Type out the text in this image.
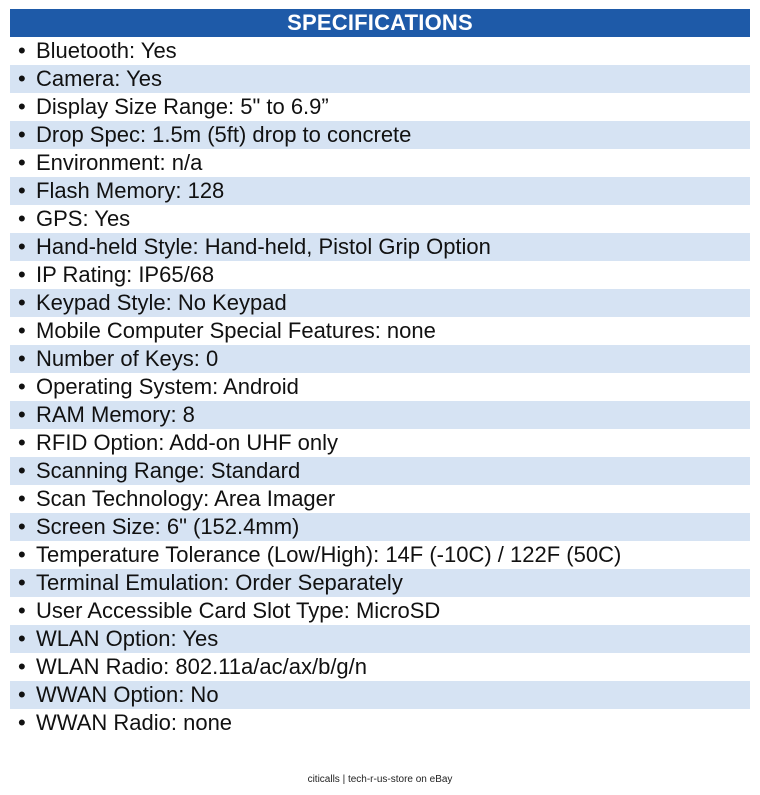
SPECIFICATIONS
• Bluetooth: Yes
• Camera: Yes
• Display Size Range: 5" to 6.9”
• Drop Spec: 1.5m (5ft) drop to concrete
• Environment: n/a
• Flash Memory: 128
• GPS: Yes
• Hand-held Style: Hand-held, Pistol Grip Option
• IP Rating: IP65/68
• Keypad Style: No Keypad
• Mobile Computer Special Features: none
• Number of Keys: 0
• Operating System: Android
• RAM Memory: 8
• RFID Option: Add-on UHF only
• Scanning Range: Standard
• Scan Technology: Area Imager
• Screen Size: 6" (152.4mm)
• Temperature Tolerance (Low/High): 14F (-10C) / 122F (50C)
• Terminal Emulation: Order Separately
• User Accessible Card Slot Type: MicroSD
• WLAN Option: Yes
• WLAN Radio: 802.11a/ac/ax/b/g/n
• WWAN Option: No
• WWAN Radio: none
citicalls | tech-r-us-store on eBay
